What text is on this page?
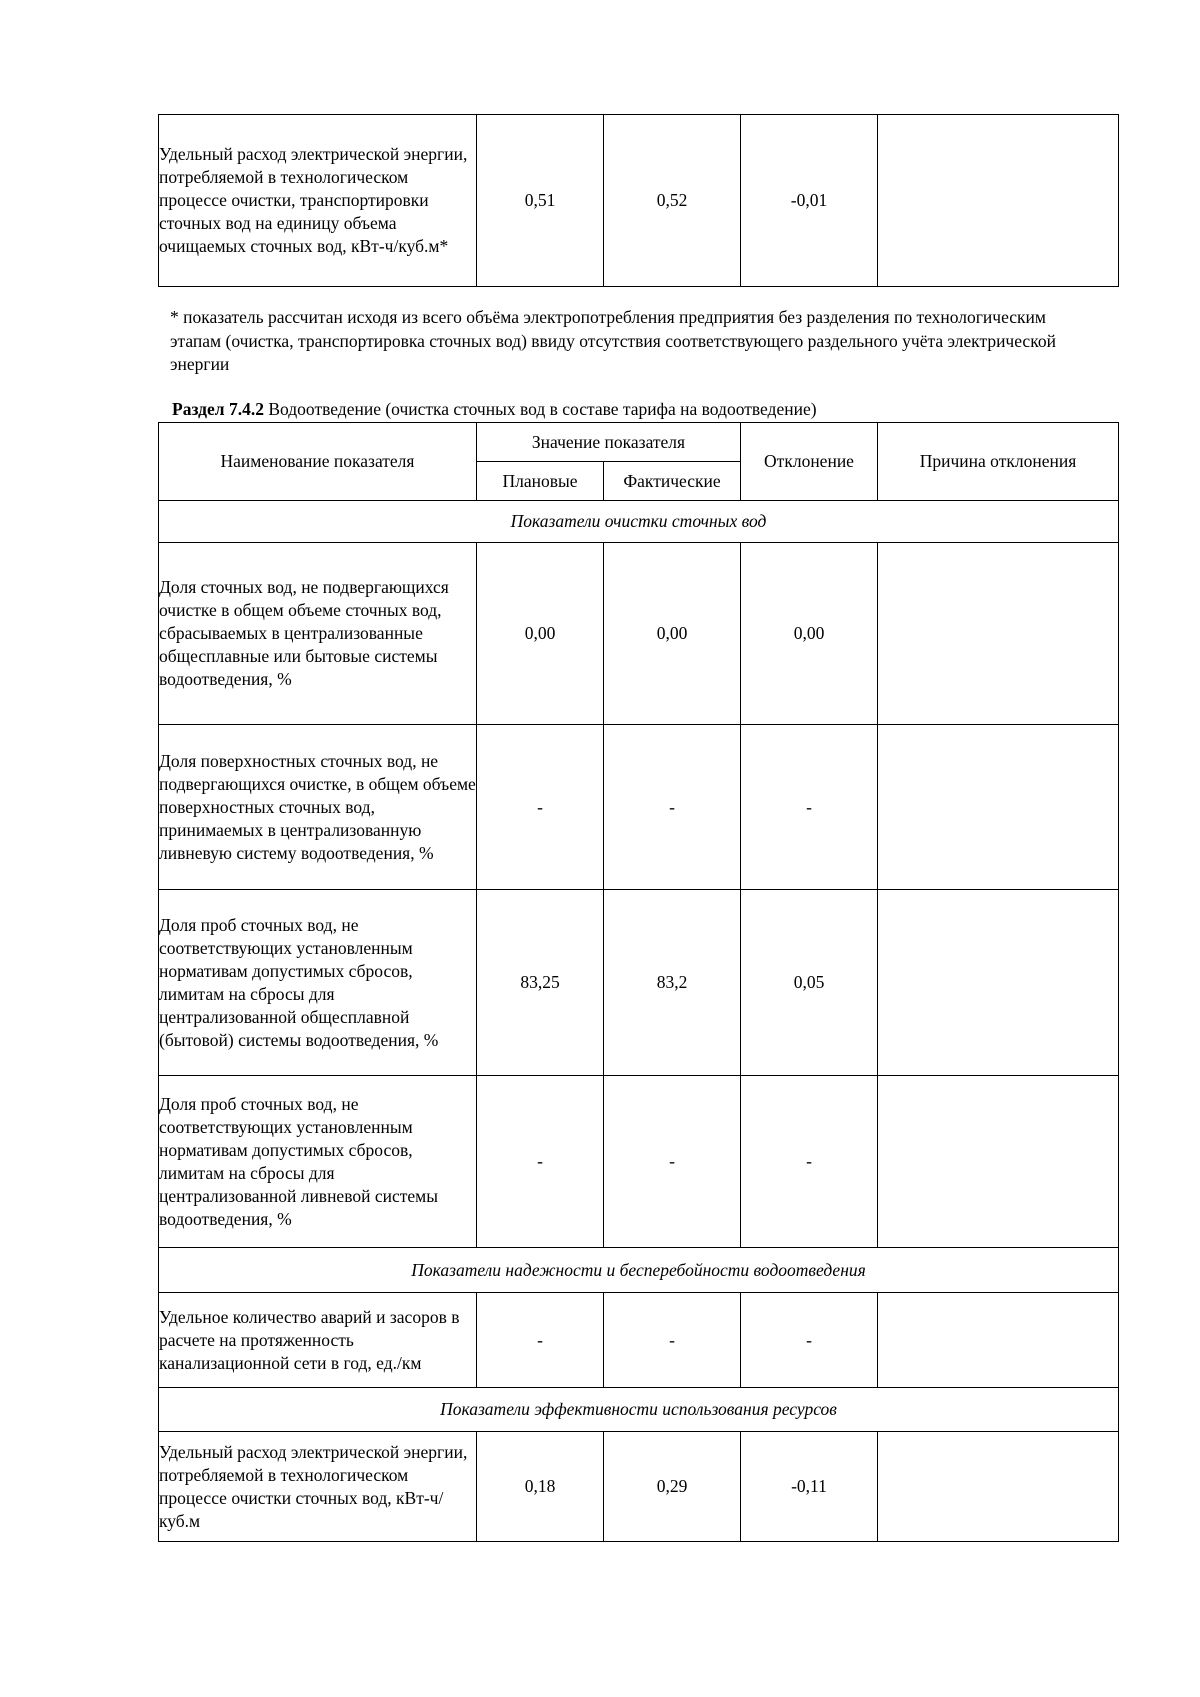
Удельный расход электрической энергии, потребляемой в технологическом процессе очистки, транспортировки сточных вод на единицу объема очищаемых сточных вод, кВт-ч/куб.м*	0,51	0,52	-0,01	
* показатель рассчитан исходя из всего объёма электропотребления предприятия без разделения по технологическим этапам (очистка, транспортировка сточных вод) ввиду отсутствия соответствующего раздельного учёта электрической энергии
Раздел 7.4.2 Водоотведение (очистка сточных вод в составе тарифа на водоотведение)
Наименование показателя	Значение показателя		Отклонение	Причина отклонения
	Плановые	Фактические		
Показатели очистки сточных вод				
Доля сточных вод, не подвергающихся очистке в общем объеме сточных вод, сбрасываемых в централизованные общесплавные или бытовые системы водоотведения, %	0,00	0,00	0,00	
Доля поверхностных сточных вод, не подвергающихся очистке, в общем объеме поверхностных сточных вод, принимаемых в централизованную ливневую систему водоотведения, %	-	-	-	
Доля проб сточных вод, не соответствующих установленным нормативам допустимых сбросов, лимитам на сбросы для централизованной общесплавной (бытовой) системы водоотведения, %	83,25	83,2	0,05	
Доля проб сточных вод, не соответствующих установленным нормативам допустимых сбросов, лимитам на сбросы для централизованной ливневой системы водоотведения, %	-	-	-	
Показатели надежности и бесперебойности водоотведения				
Удельное количество аварий и засоров в расчете на протяженность канализационной сети в год, ед./км	-	-	-	
Показатели эффективности использования ресурсов				
Удельный расход электрической энергии, потребляемой в технологическом процессе очистки сточных вод, кВт-ч/куб.м	0,18	0,29	-0,11	
